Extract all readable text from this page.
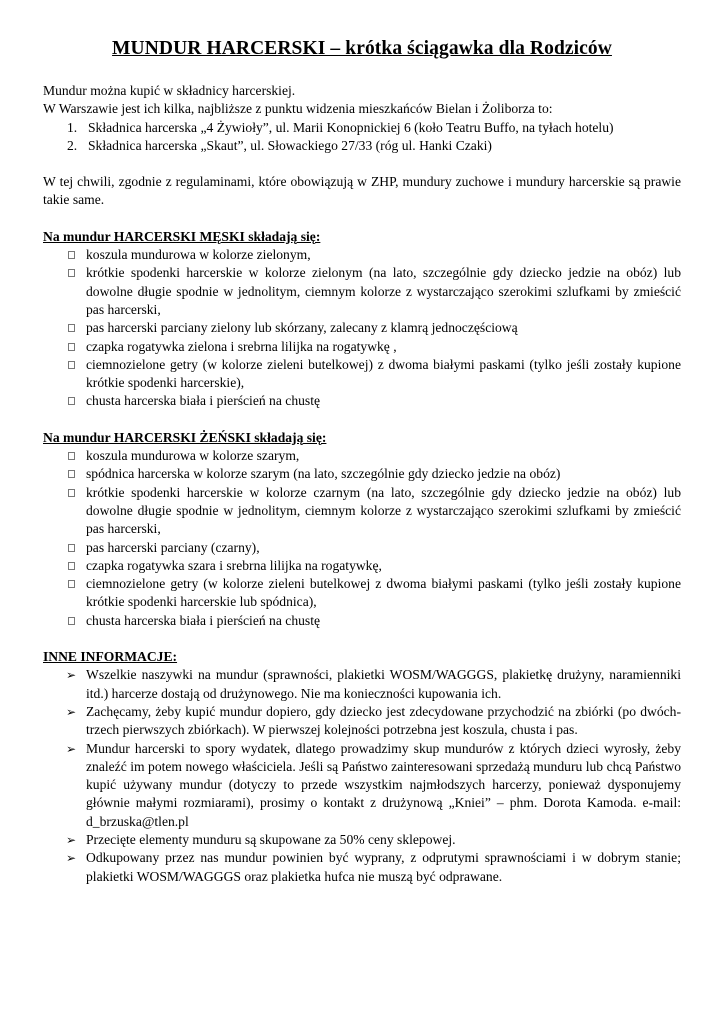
MUNDUR HARCERSKI – krótka ściągawka dla Rodziców

Mundur można kupić w składnicy harcerskiej.

W Warszawie jest ich kilka, najbliższe z punktu widzenia mieszkańców Bielan i Żoliborza to:

1. Składnica harcerska „4 Żywioły”, ul. Marii Konopnickiej 6 (koło Teatru Buffo, na tyłach hotelu)
2. Składnica harcerska „Skaut”, ul. Słowackiego 27/33 (róg ul. Hanki Czaki)

W tej chwili, zgodnie z regulaminami, które obowiązują w ZHP, mundury zuchowe i mundury harcerskie są prawie takie same.

Na mundur HARCERSKI MĘSKI składają się:

koszula mundurowa w kolorze zielonym,
krótkie spodenki harcerskie w kolorze zielonym (na lato, szczególnie gdy dziecko jedzie na obóz) lub dowolne długie spodnie w jednolitym, ciemnym kolorze z wystarczająco szerokimi szlufkami by zmieścić pas harcerski,
pas harcerski parciany zielony lub skórzany, zalecany z klamrą jednoczęściową
czapka rogatywka zielona i srebrna lilijka na rogatywkę ,
ciemnozielone getry (w kolorze zieleni butelkowej) z dwoma białymi paskami (tylko jeśli zostały kupione krótkie spodenki harcerskie),
chusta harcerska biała i pierścień na chustę

Na mundur HARCERSKI ŻEŃSKI składają się:

koszula mundurowa w kolorze szarym,
spódnica harcerska w kolorze szarym (na lato, szczególnie gdy dziecko jedzie na obóz)
krótkie spodenki harcerskie w kolorze czarnym (na lato, szczególnie gdy dziecko jedzie na obóz) lub dowolne długie spodnie w jednolitym, ciemnym kolorze z wystarczająco szerokimi szlufkami by zmieścić pas harcerski,
pas harcerski parciany (czarny),
czapka rogatywka szara i srebrna lilijka na rogatywkę,
ciemnozielone getry (w kolorze zieleni butelkowej z dwoma białymi paskami (tylko jeśli zostały kupione krótkie spodenki harcerskie lub spódnica),
chusta harcerska biała i pierścień na chustę

INNE INFORMACJE:

➢ Wszelkie naszywki na mundur (sprawności, plakietki WOSM/WAGGGS, plakietkę drużyny, naramienniki itd.) harcerze dostają od drużynowego. Nie ma konieczności kupowania ich.
➢ Zachęcamy, żeby kupić mundur dopiero, gdy dziecko jest zdecydowane przychodzić na zbiórki (po dwóch-trzech pierwszych zbiórkach). W pierwszej kolejności potrzebna jest koszula, chusta i pas.
➢ Mundur harcerski to spory wydatek, dlatego prowadzimy skup mundurów z których dzieci wyrosły, żeby znaleźć im potem nowego właściciela. Jeśli są Państwo zainteresowani sprzedażą munduru lub chcą Państwo kupić używany mundur (dotyczy to przede wszystkim najmłodszych harcerzy, ponieważ dysponujemy głównie małymi rozmiarami), prosimy o kontakt z drużynową „Kniei” – phm. Dorota Kamoda. e-mail: d_brzuska@tlen.pl
➢ Przecięte elementy munduru są skupowane za 50% ceny sklepowej.
➢ Odkupowany przez nas mundur powinien być wyprany, z odprutymi sprawnościami i w dobrym stanie; plakietki WOSM/WAGGGS oraz plakietka hufca nie muszą być odprawane.
